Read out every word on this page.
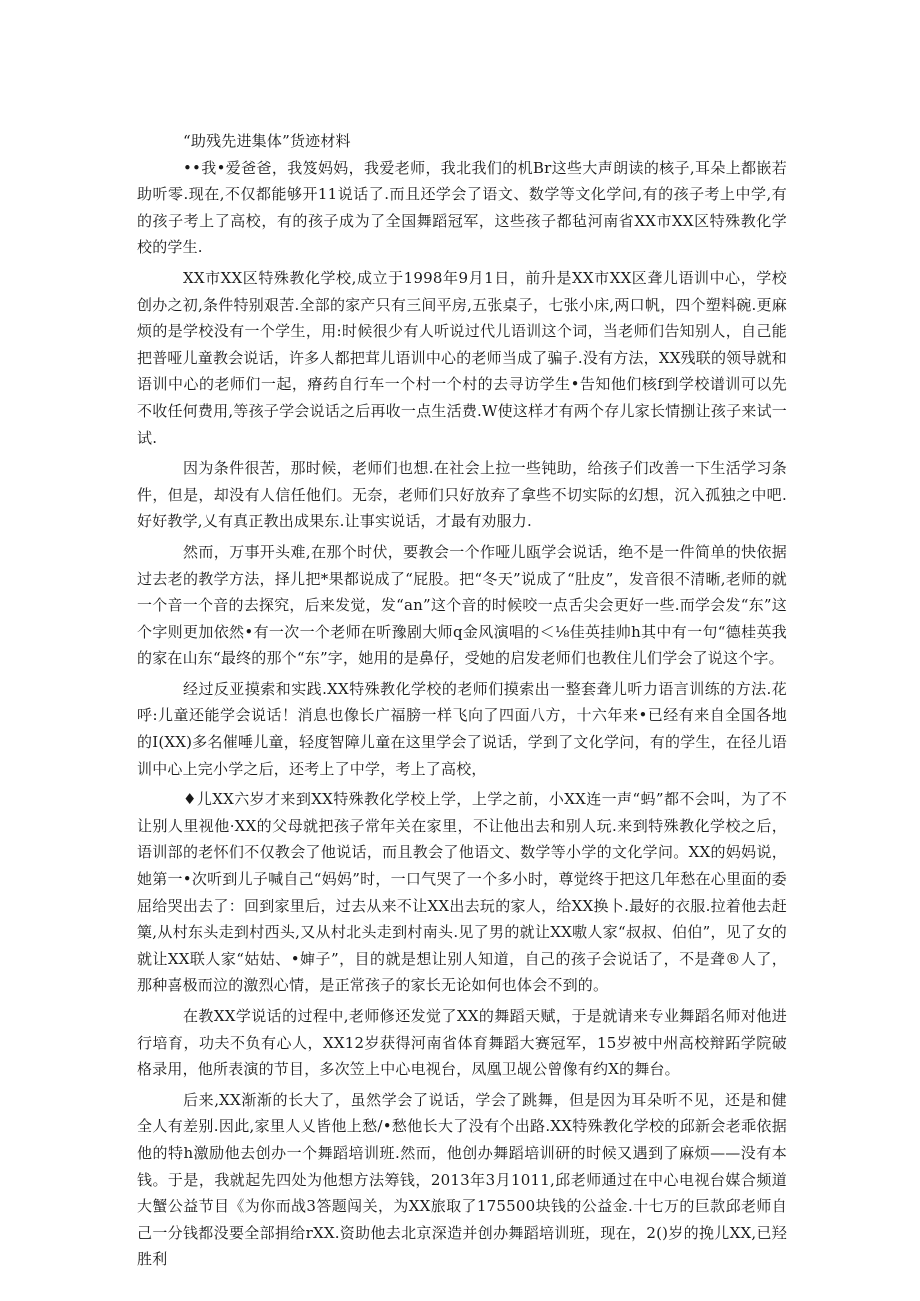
“助残先进集体”货迹材料

••我•爱爸爸，我笈妈妈，我爱老师，我北我们的机Br这些大声朗读的核子,耳朵上都嵌若助听零.现在,不仅都能够开11说话了.而且还学会了语文、数学等文化学问,有的孩子考上中学,有的孩子考上了高校，有的孩子成为了全国舞蹈冠军，这些孩子都毡河南省XX市XX区特殊教化学校的学生.

XX市XX区特殊教化学校,成立于1998年9月1日，前升是XX市XX区聋儿语训中心，学校创办之初,条件特别艰苦.全部的家产只有三间平房,五张桌子，七张小床,两口帆，四个塑料碗.更麻烦的是学校没有一个学生，用:时候很少有人听说过代儿语训这个词，当老师们告知别人，自己能把普哑儿童教会说话，许多人都把茸儿语训中心的老师当成了骗子.没有方法，XX残联的领导就和语训中心的老师们一起，瘠药自行车一个村一个村的去寻访学生•告知他们核f到学校谱训可以先不收任何费用,等孩子学会说话之后再收一点生活费.W使这样才有两个存儿家长情捌让孩子来试一试.

因为条件很苦，那时候，老师们也想.在社会上拉一些钝助，给孩子们改善一下生活学习条件，但是，却没有人信任他们。无奈，老师们只好放弃了拿些不切实际的幻想，沉入孤独之中吧.好好教学,乂有真正教出成果东.让事实说话，才最有劝服力.

然而，万事开头难,在那个时伏，要教会一个作哑儿瓯学会说话，绝不是一件简单的快依据过去老的教学方法，择儿把*果都说成了“屁股。把“冬天”说成了“肚皮”，发音很不清晰,老师的就一个音一个音的去探究，后来发觉，发“an”这个音的时候咬一点舌尖会更好一些.而学会发“东”这个字则更加依然•有一次一个老师在听豫剧大师q金风演唱的＜⅛佳英挂帅h其中有一句“德桂英我的家在山东“最终的那个“东”字，她用的是鼻仔，受她的启发老师们也教住儿们学会了说这个字。

经过反亚摸索和实践.XX特殊教化学校的老师们摸索出一整套聋儿听力语言训练的方法.花呼:儿童还能学会说话！消息也像长广福膀一样飞向了四面八方，十六年来•已经有来自全国各地的I(XX)多名催唾儿童，轻度智障儿童在这里学会了说话，学到了文化学问，有的学生，在径儿语训中心上完小学之后，还考上了中学，考上了高校，

♦儿XX六岁才来到XX特殊教化学校上学，上学之前，小XX连一声“蚂”都不会叫，为了不让别人里视他·XX的父母就把孩子常年关在家里，不让他出去和别人玩.来到特殊教化学校之后，语训部的老怀们不仅教会了他说话，而且教会了他语文、数学等小学的文化学问。XX的妈妈说，她第一•次听到儿子喊自己“妈妈”时，一口气哭了一个多小时，尊觉终于把这几年愁在心里面的委屈给哭出去了：回到家里后，过去从来不让XX出去玩的家人，给XX换卜.最好的衣服.拉着他去赶篥,从村东头走到村西头,又从村北头走到村南头.见了男的就让XX嗷人家“叔叔、伯伯”，见了女的就让XX联人家“姑姑、•婶子”，目的就是想让别人知道，自己的孩子会说话了，不是聋®人了，那种喜极而泣的激烈心情，是正常孩子的家长无论如何也体会不到的。

在教XX学说话的过程中,老师修还发觉了XX的舞蹈天赋，于是就请来专业舞蹈名师对他进行培育，功夫不负有心人，XX12岁获得河南省体育舞蹈大赛冠军，15岁被中州高校辩跖学院破格录用，他所表演的节目，多次笠上中心电视台，凤凰卫觇公曾像有约X的舞台。

后来,XX渐渐的长大了，虽然学会了说话，学会了跳舞，但是因为耳朵听不见，还是和健全人有差别.因此,家里人乂皆他上愁/•愁他长大了没有个出路.XX特殊教化学校的邱新会老乖依据他的特h激励他去创办一个舞蹈培训班.然而，他创办舞蹈培训研的时候又遇到了麻烦——没有本钱。于是，我就起先四处为他想方法筹钱，2013年3月1011,邱老师通过在中心电视台媒合频道大蟹公益节目《为你而战3答题闯关，为XX旅取了175500块钱的公益金.十七万的巨款邱老师自己一分钱都没要全部捐给rXX.资助他去北京深造并创办舞蹈培训班，现在，2()岁的挽儿XX,已羟胜利
